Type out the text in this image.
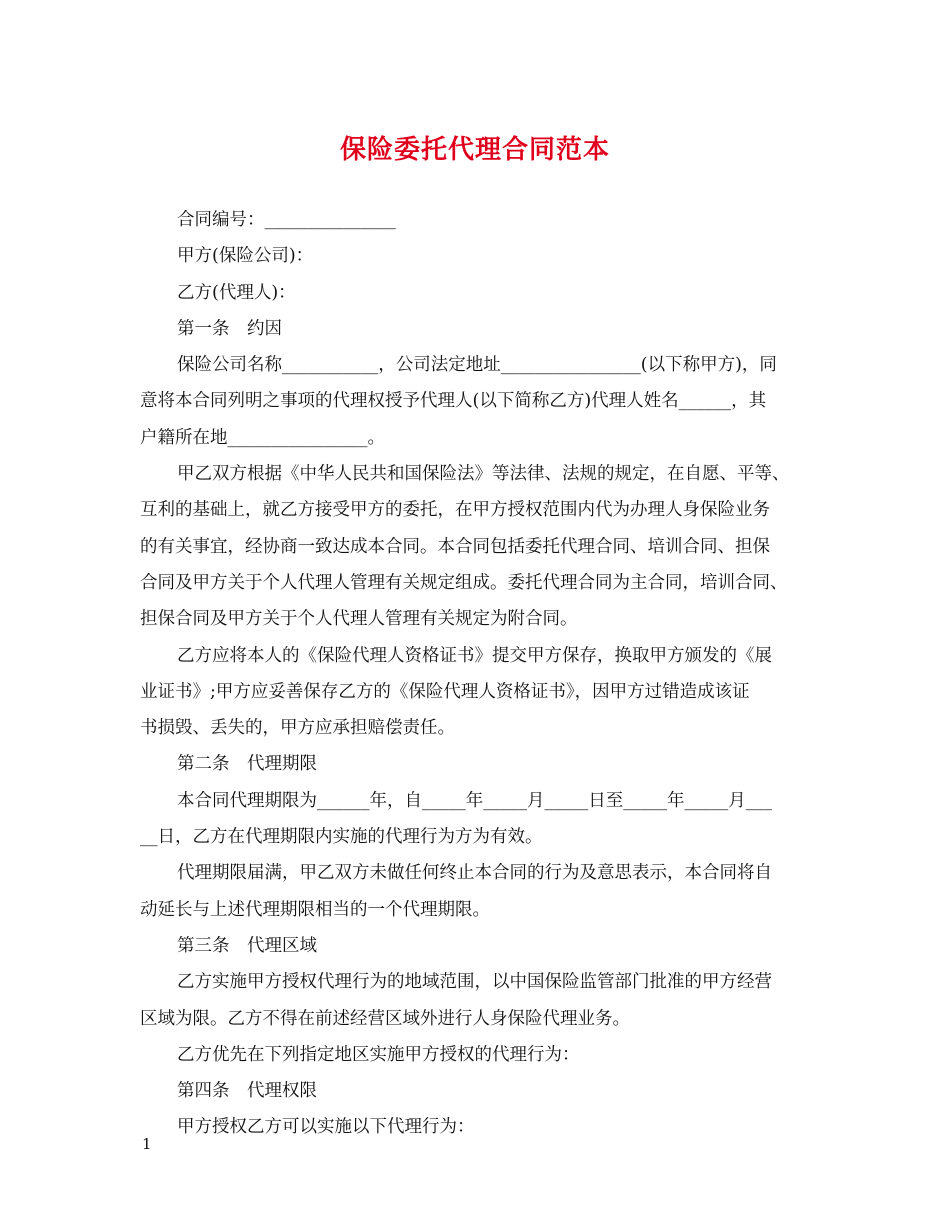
保险委托代理合同范本
合同编号：_______________
甲方(保险公司)：
乙方(代理人)：
第一条　约因
保险公司名称___________，公司法定地址________________(以下称甲方)，同
意将本合同列明之事项的代理权授予代理人(以下简称乙方)代理人姓名______，其
户籍所在地________________。
甲乙双方根据《中华人民共和国保险法》等法律、法规的规定，在自愿、平等、
互利的基础上，就乙方接受甲方的委托，在甲方授权范围内代为办理人身保险业务
的有关事宜，经协商一致达成本合同。本合同包括委托代理合同、培训合同、担保
合同及甲方关于个人代理人管理有关规定组成。委托代理合同为主合同，培训合同、
担保合同及甲方关于个人代理人管理有关规定为附合同。
乙方应将本人的《保险代理人资格证书》提交甲方保存，换取甲方颁发的《展
业证书》;甲方应妥善保存乙方的《保险代理人资格证书》，因甲方过错造成该证
书损毁、丢失的，甲方应承担赔偿责任。
第二条　代理期限
本合同代理期限为______年，自_____年_____月_____日至_____年_____月___
__日，乙方在代理期限内实施的代理行为方为有效。
代理期限届满，甲乙双方未做任何终止本合同的行为及意思表示，本合同将自
动延长与上述代理期限相当的一个代理期限。
第三条　代理区域
乙方实施甲方授权代理行为的地域范围，以中国保险监管部门批准的甲方经营
区域为限。乙方不得在前述经营区域外进行人身保险代理业务。
乙方优先在下列指定地区实施甲方授权的代理行为：
第四条　代理权限
甲方授权乙方可以实施以下代理行为：
1
